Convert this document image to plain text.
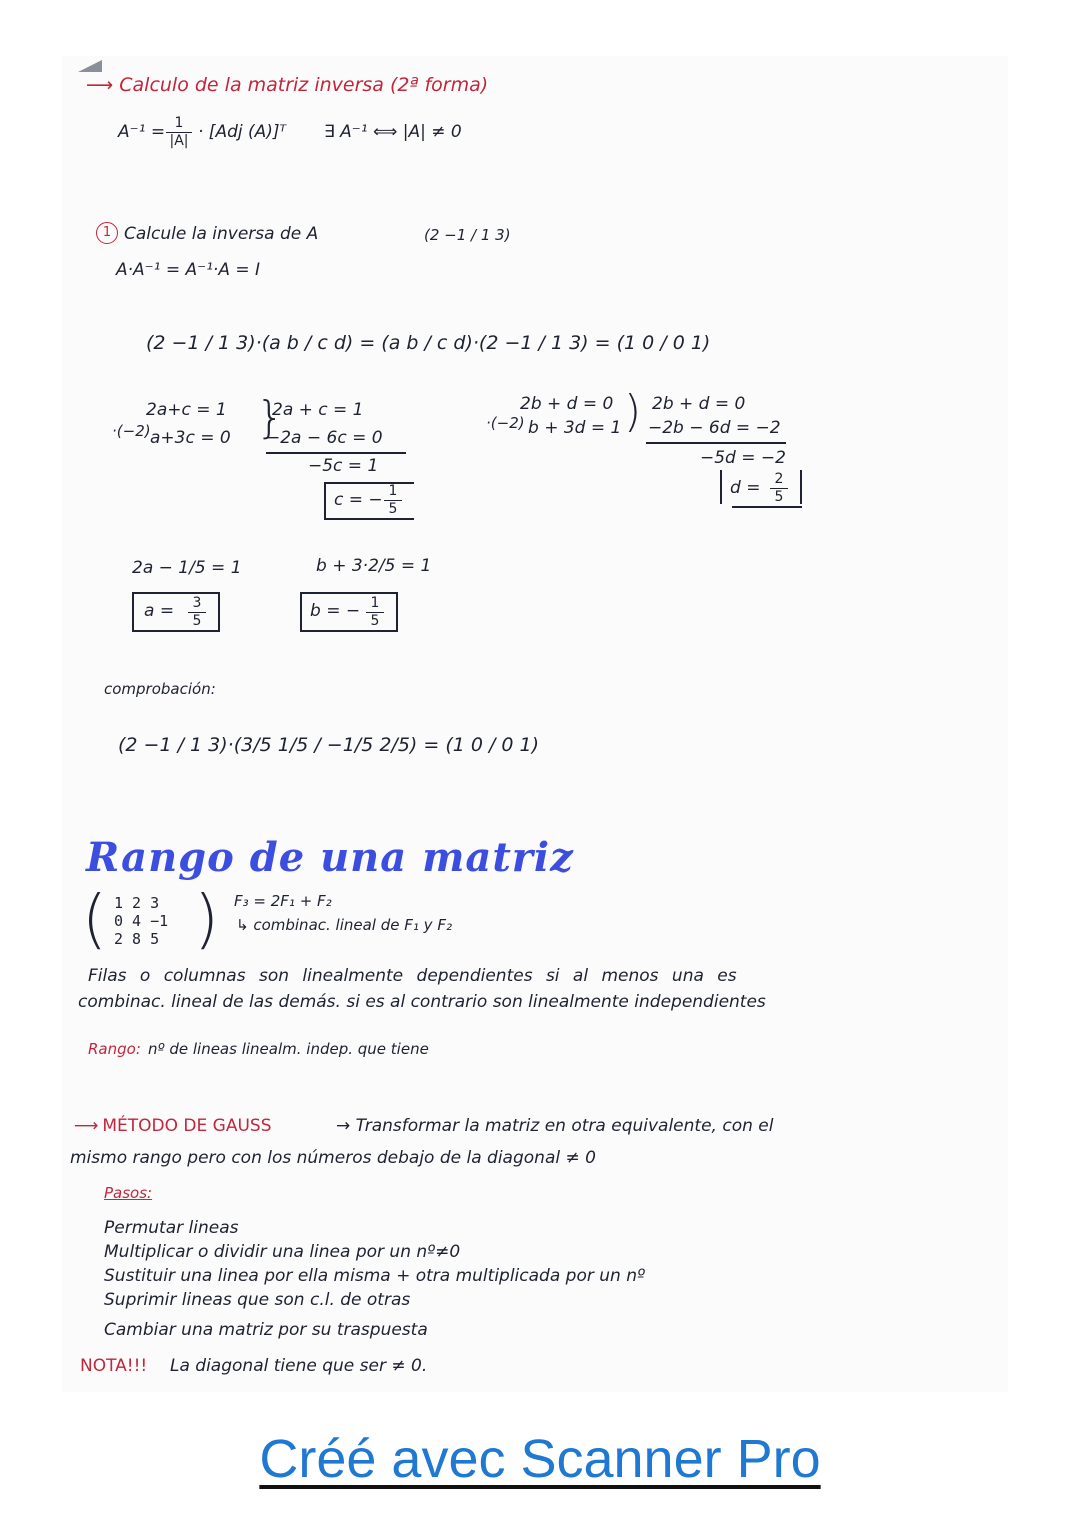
⟶ Calculo de la matriz inversa (2ª forma)
A⁻¹ = 1
|A| · [Adj (A)]ᵀ ∃ A⁻¹ ⟺ |A| ≠ 0
1 Calcule la inversa de A	(2 −1 / 1 3)
A·A⁻¹ = A⁻¹·A = I
(2 −1 / 1 3)·(a b / c d) = (a b / c d)·(2 −1 / 1 3) = (1 0 / 0 1)
·(−2)
2a+c = 1
a+3c = 0 }
2a + c = 1
−2a − 6c = 0
−5c = 1
c = − 1
5
·(−2)
2b + d = 0
b + 3d = 1 ) 2b + d = 0
−2b − 6d = −2
−5d = −2
d =	2
5
2a − 1/5 = 1
a =	3
5
b + 3·2/5 = 1
b = − 1
5
comprobación:
(2 −1 / 1 3)·(3/5 1/5 / −1/5 2/5) = (1 0 / 0 1)
Rango de una matriz
( 1 2 3
0 4 −1
2 8 5 ) F₃ = 2F₁ + F₂
↳ combinac. lineal de F₁ y F₂
Filas o columnas son linealmente dependientes si al menos una es
combinac. lineal de las demás. si es al contrario son linealmente independientes
Rango: nº de lineas linealm. indep. que tiene
⟶ MÉTODO DE GAUSS	→ Transformar la matriz en otra equivalente, con el
mismo rango pero con los números debajo de la diagonal ≠ 0
Pasos:
Permutar lineas
Multiplicar o dividir una linea por un nº≠0
Sustituir una linea por ella misma + otra multiplicada por un nº
Suprimir lineas que son c.l. de otras
Cambiar una matriz por su traspuesta
NOTA!!! La diagonal tiene que ser ≠ 0.
Créé avec Scanner Pro
